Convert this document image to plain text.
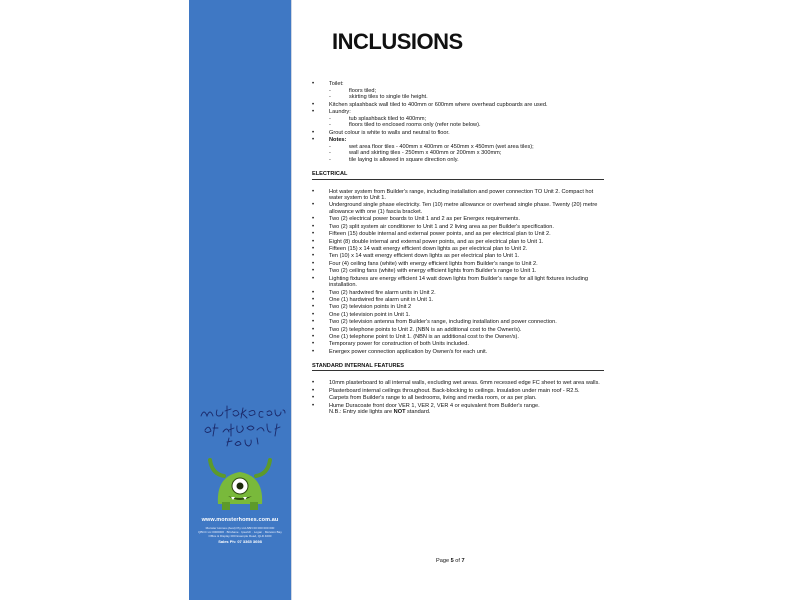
www.monsterhomes.com.au
Monster Homes (Aust) Pty Ltd ABN 00 000 000 000
QBCC Lic 0000000 · Brisbane · Ipswich · Logan · Moreton Bay
Office & Display 000 Example Road, QLD 4000
Sales Ph: 07 3365 3698
INCLUSIONS
• Toilet:
- floors tiled;
- skirting tiles to single tile height.
• Kitchen splashback wall tiled to 400mm or 600mm where overhead cupboards are used.
• Laundry:
- tub splashback tiled to 400mm;
- floors tiled to enclosed rooms only (refer note below).
• Grout colour is white to walls and neutral to floor.
• Notes:
- wet area floor tiles - 400mm x 400mm or 450mm x 450mm (wet area tiles);
- wall and skirting tiles - 250mm x 400mm or 200mm x 300mm;
- tile laying is allowed in square direction only.
ELECTRICAL
• Hot water system from Builder's range, including installation and power connection TO Unit 2. Compact hot water system to Unit 1.
• Underground single phase electricity. Ten (10) metre allowance or overhead single phase. Twenty (20) metre allowance with one (1) fascia bracket.
• Two (2) electrical power boards to Unit 1 and 2 as per Energex requirements.
• Two (2) split system air conditioner to Unit 1 and 2 living area as per Builder's specification.
• Fifteen (15) double internal and external power points, and as per electrical plan to Unit 2.
• Eight (8) double internal and external power points, and as per electrical plan to Unit 1.
• Fifteen (15) x 14 watt energy efficient down lights as per electrical plan to Unit 2.
• Ten (10) x 14 watt energy efficient down lights as per electrical plan to Unit 1.
• Four (4) ceiling fans (white) with energy efficient lights from Builder's range to Unit 2.
• Two (2) ceiling fans (white) with energy efficient lights from Builder's range to Unit 1.
• Lighting fixtures are energy efficient 14 watt down lights from Builder's range for all light fixtures including installation.
• Two (2) hardwired fire alarm units in Unit 2.
• One (1) hardwired fire alarm unit in Unit 1.
• Two (2) television points in Unit 2
• One (1) television point in Unit 1.
• Two (2) television antenna from Builder's range, including installation and power connection.
• Two (2) telephone points to Unit 2. (NBN is an additional cost to the Owner/s).
• One (1) telephone point to Unit 1. (NBN is an additional cost to the Owner/s).
• Temporary power for construction of both Units included.
• Energex power connection application by Owner/s for each unit.
STANDARD INTERNAL FEATURES
• 10mm plasterboard to all internal walls, excluding wet areas. 6mm recessed edge FC sheet to wet area walls.
• Plasterboard internal ceilings throughout. Back-blocking to ceilings. Insulation under main roof - R2.5.
• Carpets from Builder's range to all bedrooms, living and media room, or as per plan.
• Hume Duracoate front door VER 1, VER 2, VER 4 or equivalent from Builder's range.
N.B.: Entry side lights are NOT standard.
Page 5 of 7
